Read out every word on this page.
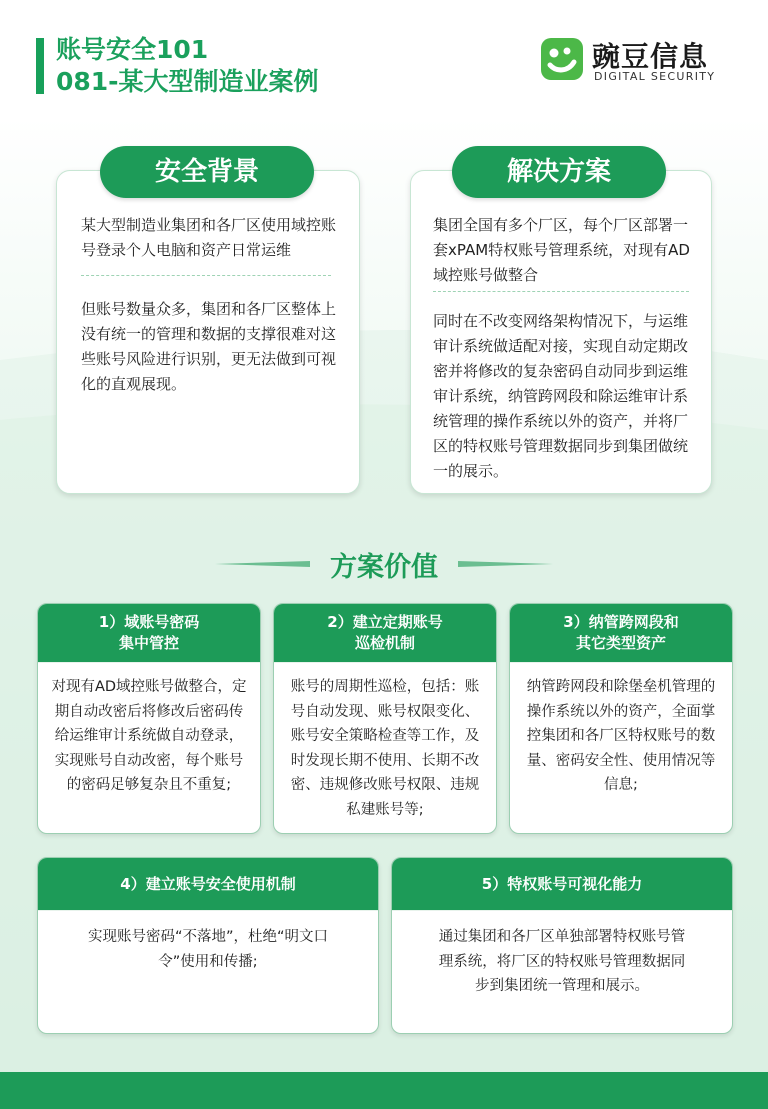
账号安全101
081-某大型制造业案例
豌豆信息
DIGITAL SECURITY
某大型制造业集团和各厂区使用域控账号登录个人电脑和资产日常运维
但账号数量众多，集团和各厂区整体上没有统一的管理和数据的支撑很难对这些账号风险进行识别，更无法做到可视化的直观展现。
安全背景
集团全国有多个厂区，每个厂区部署一套xPAM特权账号管理系统，对现有AD域控账号做整合
同时在不改变网络架构情况下，与运维审计系统做适配对接，实现自动定期改密并将修改的复杂密码自动同步到运维审计系统，纳管跨网段和除运维审计系统管理的操作系统以外的资产，并将厂区的特权账号管理数据同步到集团做统一的展示。
解决方案
方案价值
1）域账号密码
集中管控
对现有AD域控账号做整合，定期自动改密后将修改后密码传给运维审计系统做自动登录，实现账号自动改密，每个账号的密码足够复杂且不重复;
2）建立定期账号
巡检机制
账号的周期性巡检，包括：账号自动发现、账号权限变化、账号安全策略检查等工作，及时发现长期不使用、长期不改密、违规修改账号权限、违规私建账号等;
3）纳管跨网段和
其它类型资产
纳管跨网段和除堡垒机管理的操作系统以外的资产，全面掌控集团和各厂区特权账号的数量、密码安全性、使用情况等信息;
4）建立账号安全使用机制
实现账号密码“不落地”，杜绝“明文口令”使用和传播;
5）特权账号可视化能力
通过集团和各厂区单独部署特权账号管理系统，将厂区的特权账号管理数据同步到集团统一管理和展示。
